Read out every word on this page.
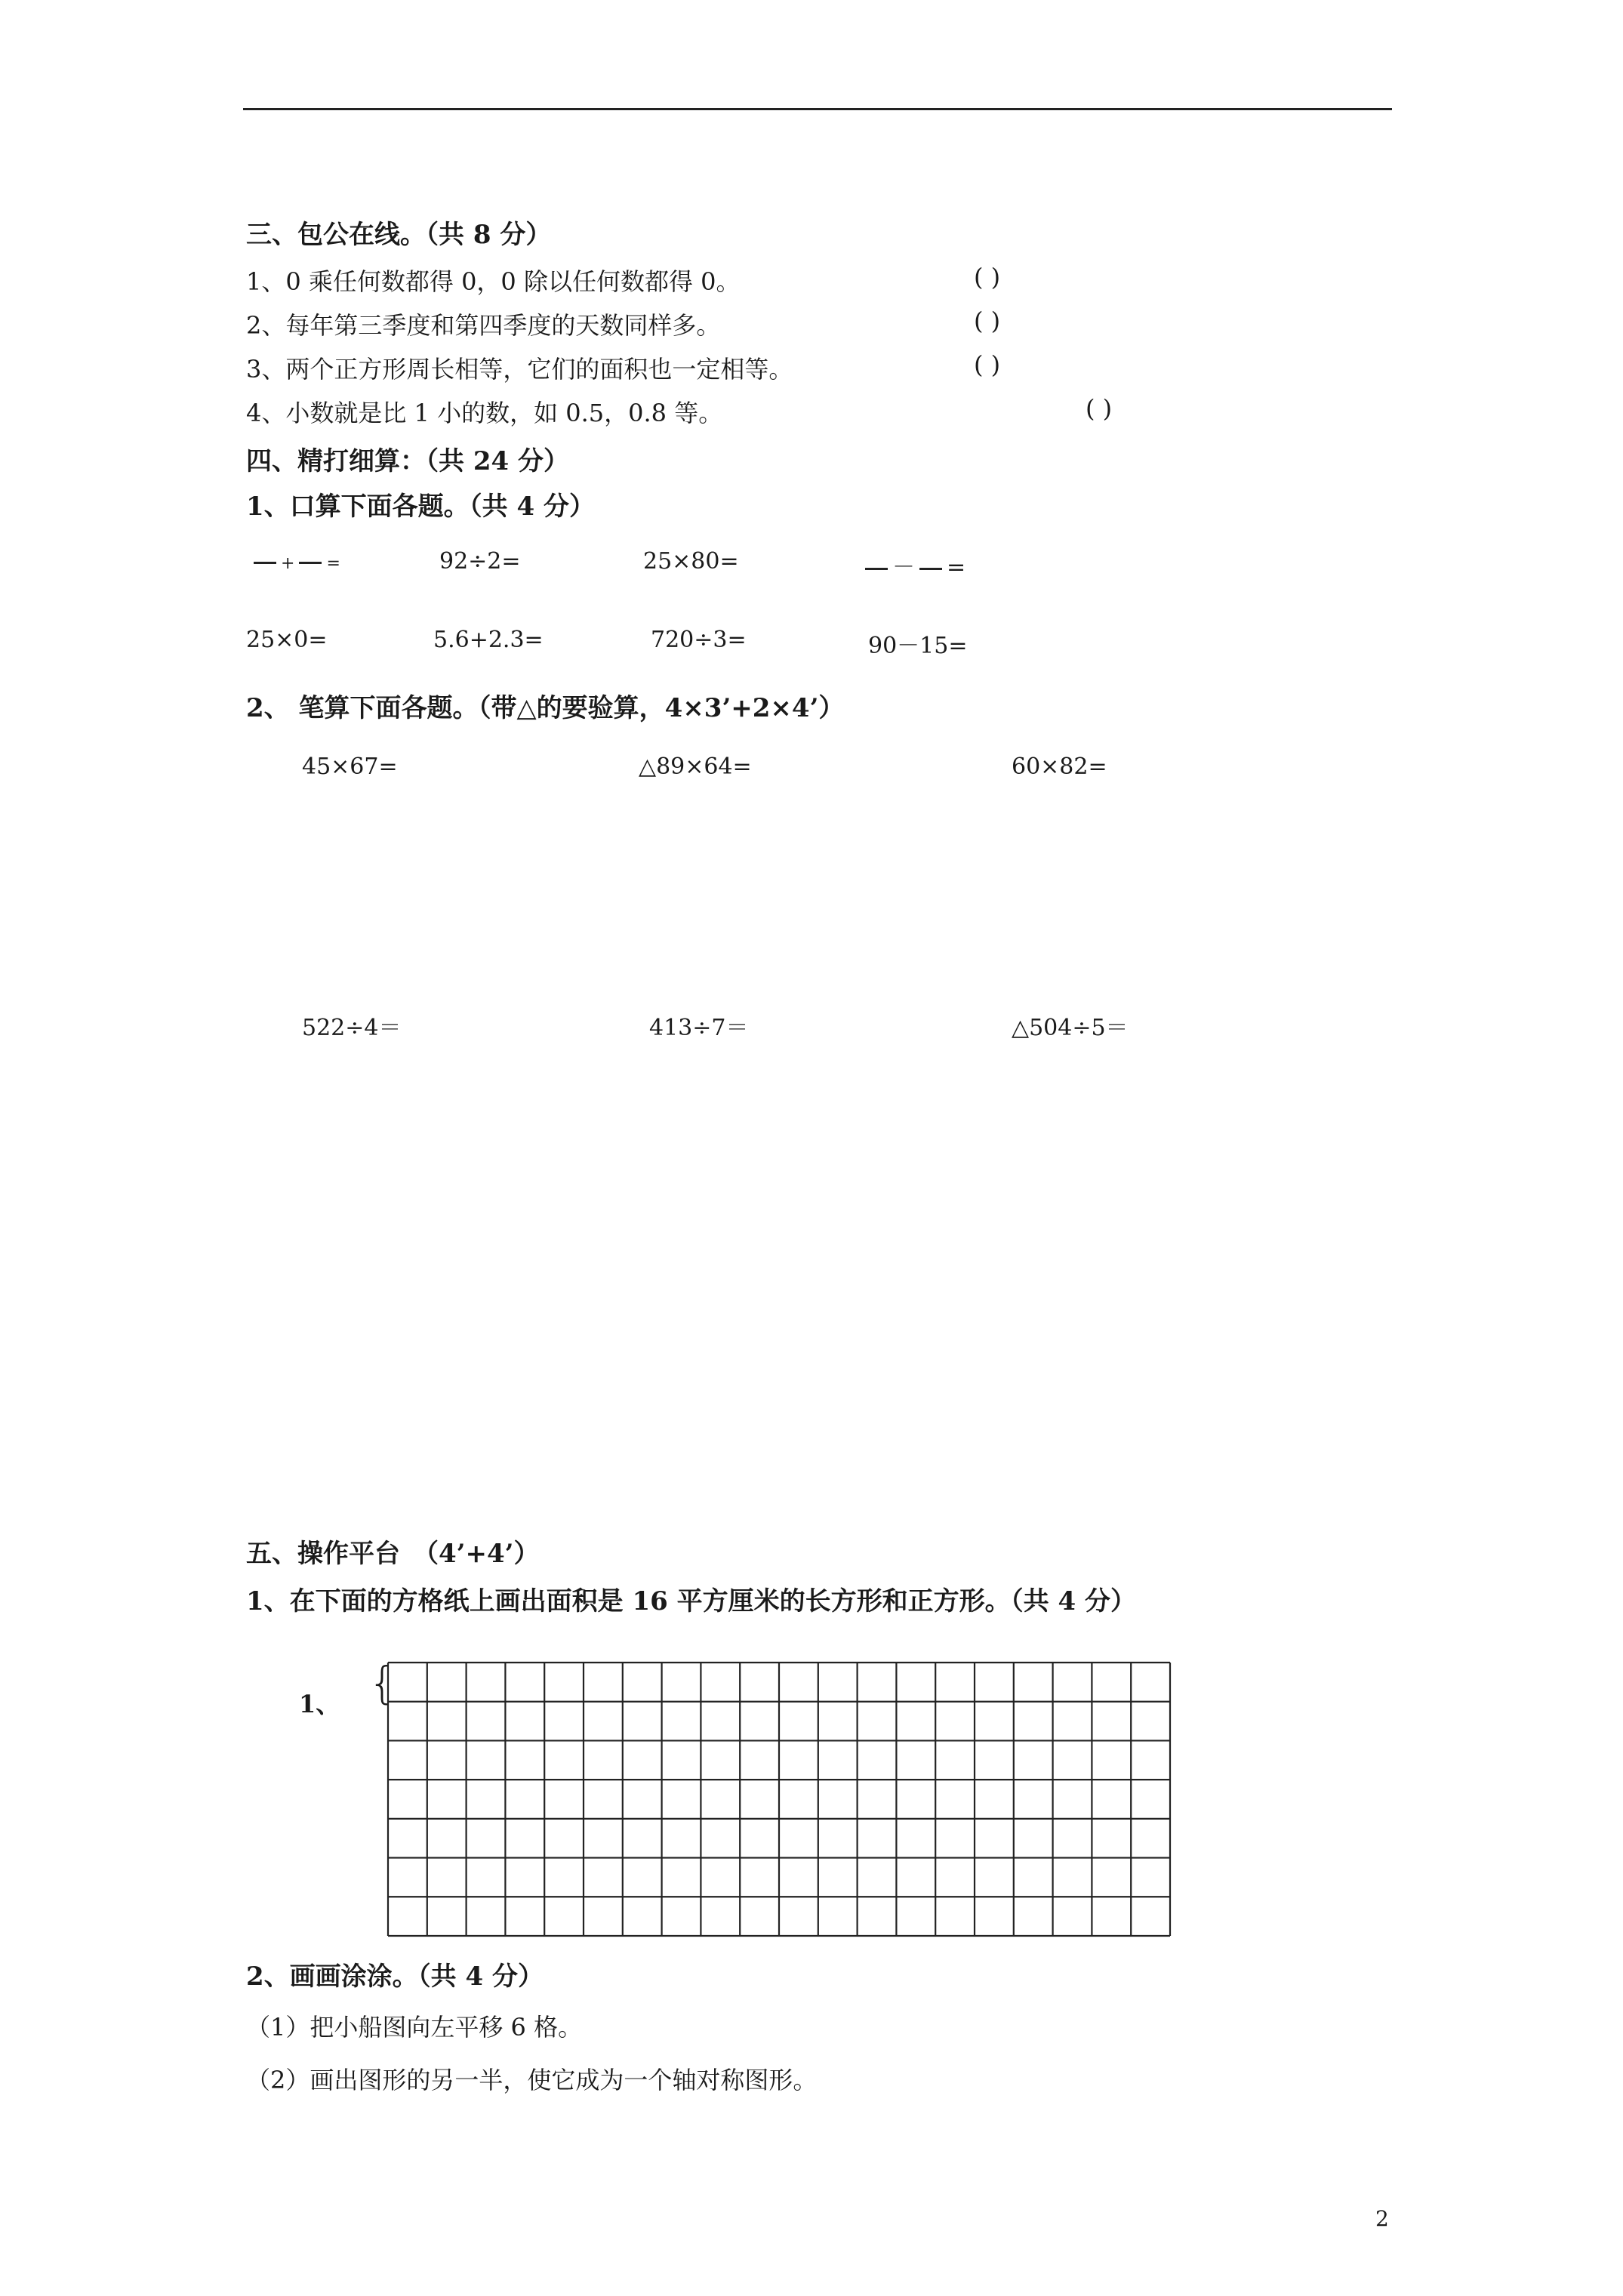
三、包公在线。（共 8 分）
1、0 乘任何数都得 0，0 除以任何数都得 0。	( )
2、每年第三季度和第四季度的天数同样多。	( )
3、两个正方形周长相等，它们的面积也一定相等。	( )
4、小数就是比 1 小的数，如 0.5，0.8 等。	( )
四、精打细算：（共 24 分）
1、口算下面各题。（共 4 分）
+ =	92÷2=	25×80=	－ =
25×0=	5.6+2.3=	720÷3=	90－15=
2、 笔算下面各题。（带△的要验算，4×3’+2×4’）
45×67=	△89×64=	60×82=
522÷4＝	413÷7＝	△504÷5＝
五、操作平台　（4’+4’）
1、在下面的方格纸上画出面积是 16 平方厘米的长方形和正方形。（共 4 分）
1、 {
2、画画涂涂。（共 4 分）
（1）把小船图向左平移 6 格。
（2）画出图形的另一半，使它成为一个轴对称图形。
2
